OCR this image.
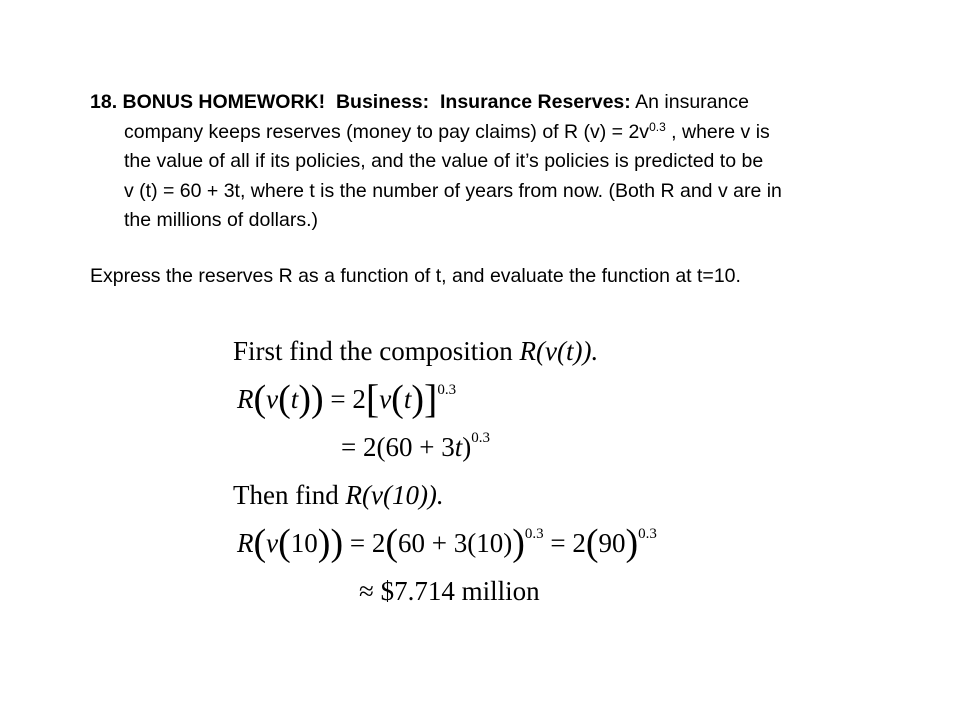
18. BONUS HOMEWORK! Business: Insurance Reserves: An insurance
company keeps reserves (money to pay claims) of R $(v) = 2v^{0.3}$ , where v is
the value of all if its policies, and the value of it’s policies is predicted to be
v (t) = 60 + 3t, where t is the number of years from now. (Both R and v are in
the millions of dollars.)
Express the reserves R as a function of t, and evaluate the function at t=10.
First find the composition R(v(t)).
$R(v(t)) = 2[v(t)]^{0.3}$
= $2(60 + 3t)^{0.3}$
Then find R(v(10)).
$R(v(10)) = 2(60 + 3(10))^{0.3} = 2(90)^{0.3}$
≈ $7.714 million
